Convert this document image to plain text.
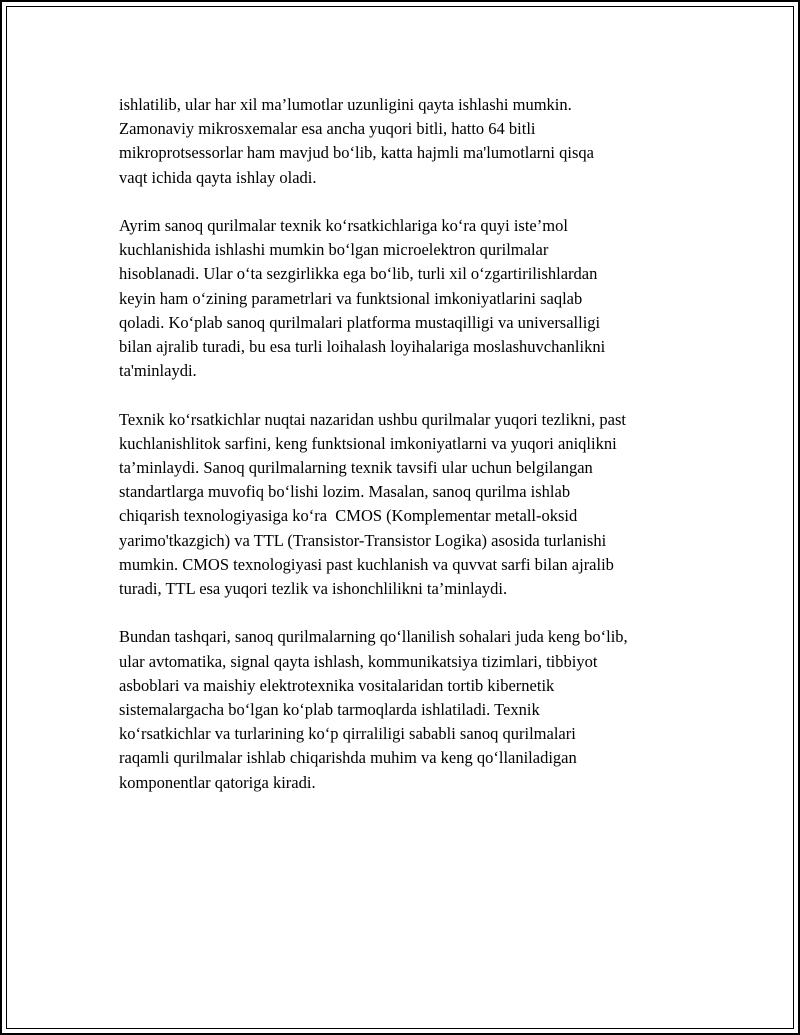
ishlatilib, ular har xil ma’lumotlar uzunligini qayta ishlashi mumkin.
Zamonaviy mikrosxemalar esa ancha yuqori bitli, hatto 64 bitli
mikroprotsessorlar ham mavjud bo‘lib, katta hajmli ma'lumotlarni qisqa
vaqt ichida qayta ishlay oladi.

Ayrim sanoq qurilmalar texnik ko‘rsatkichlariga ko‘ra quyi iste’mol
kuchlanishida ishlashi mumkin bo‘lgan microelektron qurilmalar
hisoblanadi. Ular o‘ta sezgirlikka ega bo‘lib, turli xil o‘zgartirilishlardan
keyin ham o‘zining parametrlari va funktsional imkoniyatlarini saqlab
qoladi. Ko‘plab sanoq qurilmalari platforma mustaqilligi va universalligi
bilan ajralib turadi, bu esa turli loihalash loyihalariga moslashuvchanlikni
ta'minlaydi.

Texnik ko‘rsatkichlar nuqtai nazaridan ushbu qurilmalar yuqori tezlikni, past
kuchlanishlitok sarfini, keng funktsional imkoniyatlarni va yuqori aniqlikni
ta’minlaydi. Sanoq qurilmalarning texnik tavsifi ular uchun belgilangan
standartlarga muvofiq bo‘lishi lozim. Masalan, sanoq qurilma ishlab
chiqarish texnologiyasiga ko‘ra  CMOS (Komplementar metall-oksid
yarimo'tkazgich) va TTL (Transistor-Transistor Logika) asosida turlanishi
mumkin. CMOS texnologiyasi past kuchlanish va quvvat sarfi bilan ajralib
turadi, TTL esa yuqori tezlik va ishonchlilikni ta’minlaydi.

Bundan tashqari, sanoq qurilmalarning qo‘llanilish sohalari juda keng bo‘lib,
ular avtomatika, signal qayta ishlash, kommunikatsiya tizimlari, tibbiyot
asboblari va maishiy elektrotexnika vositalaridan tortib kibernetik
sistemalargacha bo‘lgan ko‘plab tarmoqlarda ishlatiladi. Texnik
ko‘rsatkichlar va turlarining ko‘p qirraliligi sababli sanoq qurilmalari
raqamli qurilmalar ishlab chiqarishda muhim va keng qo‘llaniladigan
komponentlar qatoriga kiradi.
